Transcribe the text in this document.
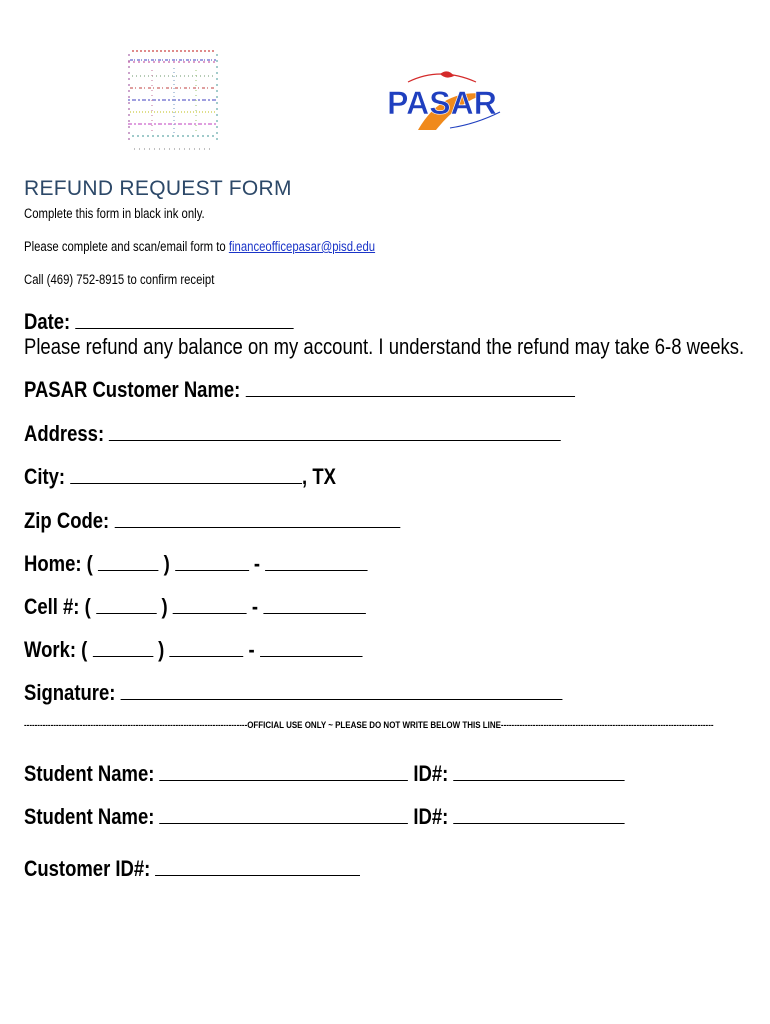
PASAR
REFUND REQUEST FORM
Complete this form in black ink only.
Please complete and scan/email form to financeofficepasar@pisd.edu
Call (469) 752-8915 to confirm receipt
Date:
Please refund any balance on my account. I understand the refund may take 6-8 weeks.
PASAR Customer Name:
Address:
City:	, TX
Zip Code:
Home: (	)	-
Cell #: (	)	-
Work: (	)	-
Signature:
------------------------------------------------------------------------------------OFFICIAL USE ONLY ~ PLEASE DO NOT WRITE BELOW THIS LINE--------------------------------------------------------------------------------
Student Name:	ID#:
Student Name:	ID#:
Customer ID#:
